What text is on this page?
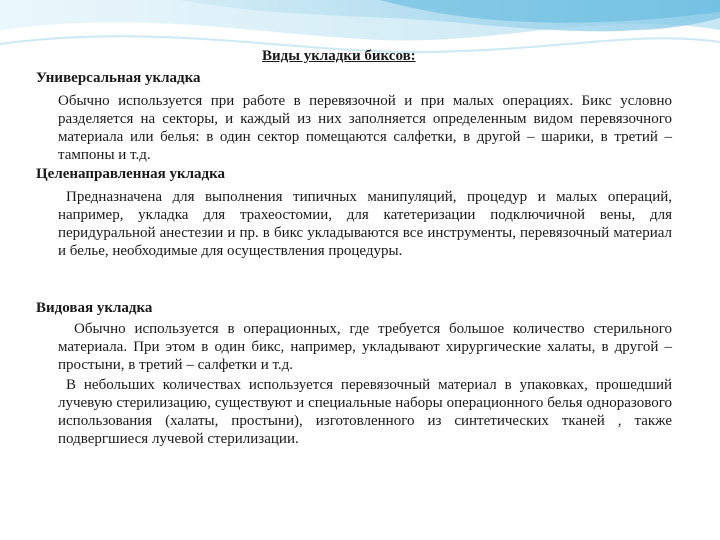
Виды укладки биксов:
Универсальная укладка
Обычно используется при работе в перевязочной и при малых операциях. Бикс условно разделяется на секторы, и каждый из них заполняется определенным видом перевязочного материала или белья: в один сектор помещаются салфетки, в другой – шарики, в третий – тампоны и т.д.
Целенаправленная укладка
Предназначена для выполнения типичных манипуляций, процедур и малых операций, например, укладка для трахеостомии, для катетеризации подключичной вены, для перидуральной анестезии и пр. в бикс укладываются все инструменты, перевязочный материал и белье, необходимые для осуществления процедуры.
Видовая укладка
Обычно используется в операционных, где требуется большое количество стерильного материала. При этом в один бикс, например, укладывают хирургические халаты, в другой – простыни, в третий – салфетки и т.д.
В небольших количествах используется перевязочный материал в упаковках, прошедший лучевую стерилизацию, существуют и специальные наборы операционного белья одноразового использования (халаты, простыни), изготовленного из синтетических тканей , также подвергшиеся лучевой стерилизации.
